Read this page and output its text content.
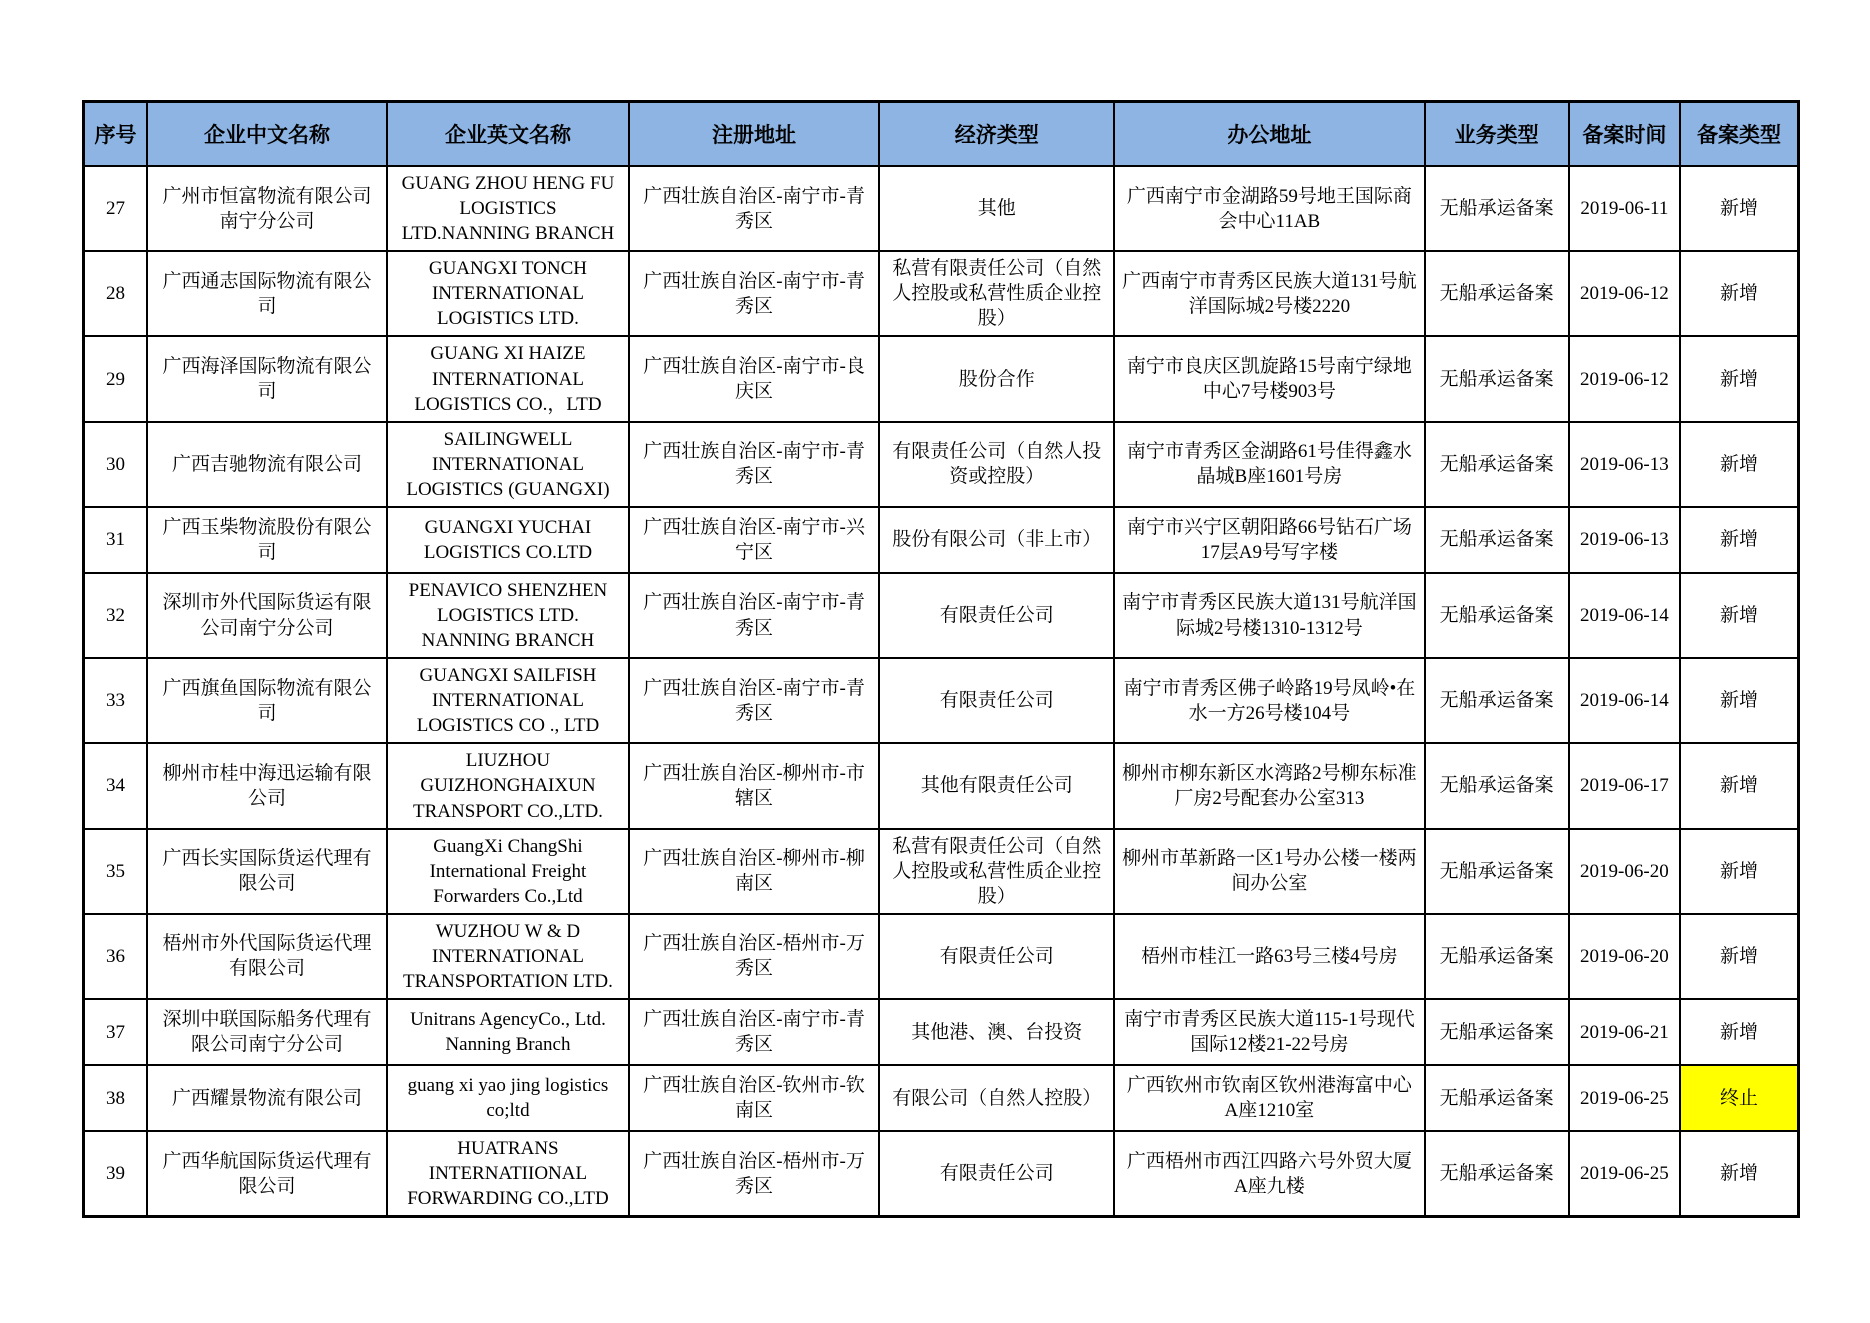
序号	企业中文名称	企业英文名称	注册地址	经济类型	办公地址	业务类型	备案时间	备案类型
27	广州市恒富物流有限公司南宁分公司	GUANG ZHOU HENG FU LOGISTICS LTD.NANNING BRANCH	广西壮族自治区-南宁市-青秀区	其他	广西南宁市金湖路59号地王国际商会中心11AB	无船承运备案	2019-06-11	新增
28	广西通志国际物流有限公司	GUANGXI TONCH INTERNATIONAL LOGISTICS LTD.	广西壮族自治区-南宁市-青秀区	私营有限责任公司（自然人控股或私营性质企业控股）	广西南宁市青秀区民族大道131号航洋国际城2号楼2220	无船承运备案	2019-06-12	新增
29	广西海泽国际物流有限公司	GUANG XI HAIZE INTERNATIONAL LOGISTICS CO.，LTD	广西壮族自治区-南宁市-良庆区	股份合作	南宁市良庆区凯旋路15号南宁绿地中心7号楼903号	无船承运备案	2019-06-12	新增
30	广西吉驰物流有限公司	SAILINGWELL INTERNATIONAL LOGISTICS (GUANGXI)	广西壮族自治区-南宁市-青秀区	有限责任公司（自然人投资或控股）	南宁市青秀区金湖路61号佳得鑫水晶城B座1601号房	无船承运备案	2019-06-13	新增
31	广西玉柴物流股份有限公司	GUANGXI YUCHAI LOGISTICS CO.LTD	广西壮族自治区-南宁市-兴宁区	股份有限公司（非上市）	南宁市兴宁区朝阳路66号钻石广场17层A9号写字楼	无船承运备案	2019-06-13	新增
32	深圳市外代国际货运有限公司南宁分公司	PENAVICO SHENZHEN LOGISTICS LTD. NANNING BRANCH	广西壮族自治区-南宁市-青秀区	有限责任公司	南宁市青秀区民族大道131号航洋国际城2号楼1310-1312号	无船承运备案	2019-06-14	新增
33	广西旗鱼国际物流有限公司	GUANGXI SAILFISH INTERNATIONAL LOGISTICS CO ., LTD	广西壮族自治区-南宁市-青秀区	有限责任公司	南宁市青秀区佛子岭路19号凤岭•在水一方26号楼104号	无船承运备案	2019-06-14	新增
34	柳州市桂中海迅运输有限公司	LIUZHOU GUIZHONGHAIXUN TRANSPORT CO.,LTD.	广西壮族自治区-柳州市-市辖区	其他有限责任公司	柳州市柳东新区水湾路2号柳东标准厂房2号配套办公室313	无船承运备案	2019-06-17	新增
35	广西长实国际货运代理有限公司	GuangXi ChangShi International Freight Forwarders Co.,Ltd	广西壮族自治区-柳州市-柳南区	私营有限责任公司（自然人控股或私营性质企业控股）	柳州市革新路一区1号办公楼一楼两间办公室	无船承运备案	2019-06-20	新增
36	梧州市外代国际货运代理有限公司	WUZHOU W & D INTERNATIONAL TRANSPORTATION LTD.	广西壮族自治区-梧州市-万秀区	有限责任公司	梧州市桂江一路63号三楼4号房	无船承运备案	2019-06-20	新增
37	深圳中联国际船务代理有限公司南宁分公司	Unitrans AgencyCo., Ltd. Nanning Branch	广西壮族自治区-南宁市-青秀区	其他港、澳、台投资	南宁市青秀区民族大道115-1号现代国际12楼21-22号房	无船承运备案	2019-06-21	新增
38	广西耀景物流有限公司	guang xi yao jing logistics co;ltd	广西壮族自治区-钦州市-钦南区	有限公司（自然人控股）	广西钦州市钦南区钦州港海富中心A座1210室	无船承运备案	2019-06-25	终止
39	广西华航国际货运代理有限公司	HUATRANS INTERNATIIONAL FORWARDING CO.,LTD	广西壮族自治区-梧州市-万秀区	有限责任公司	广西梧州市西江四路六号外贸大厦A座九楼	无船承运备案	2019-06-25	新增
